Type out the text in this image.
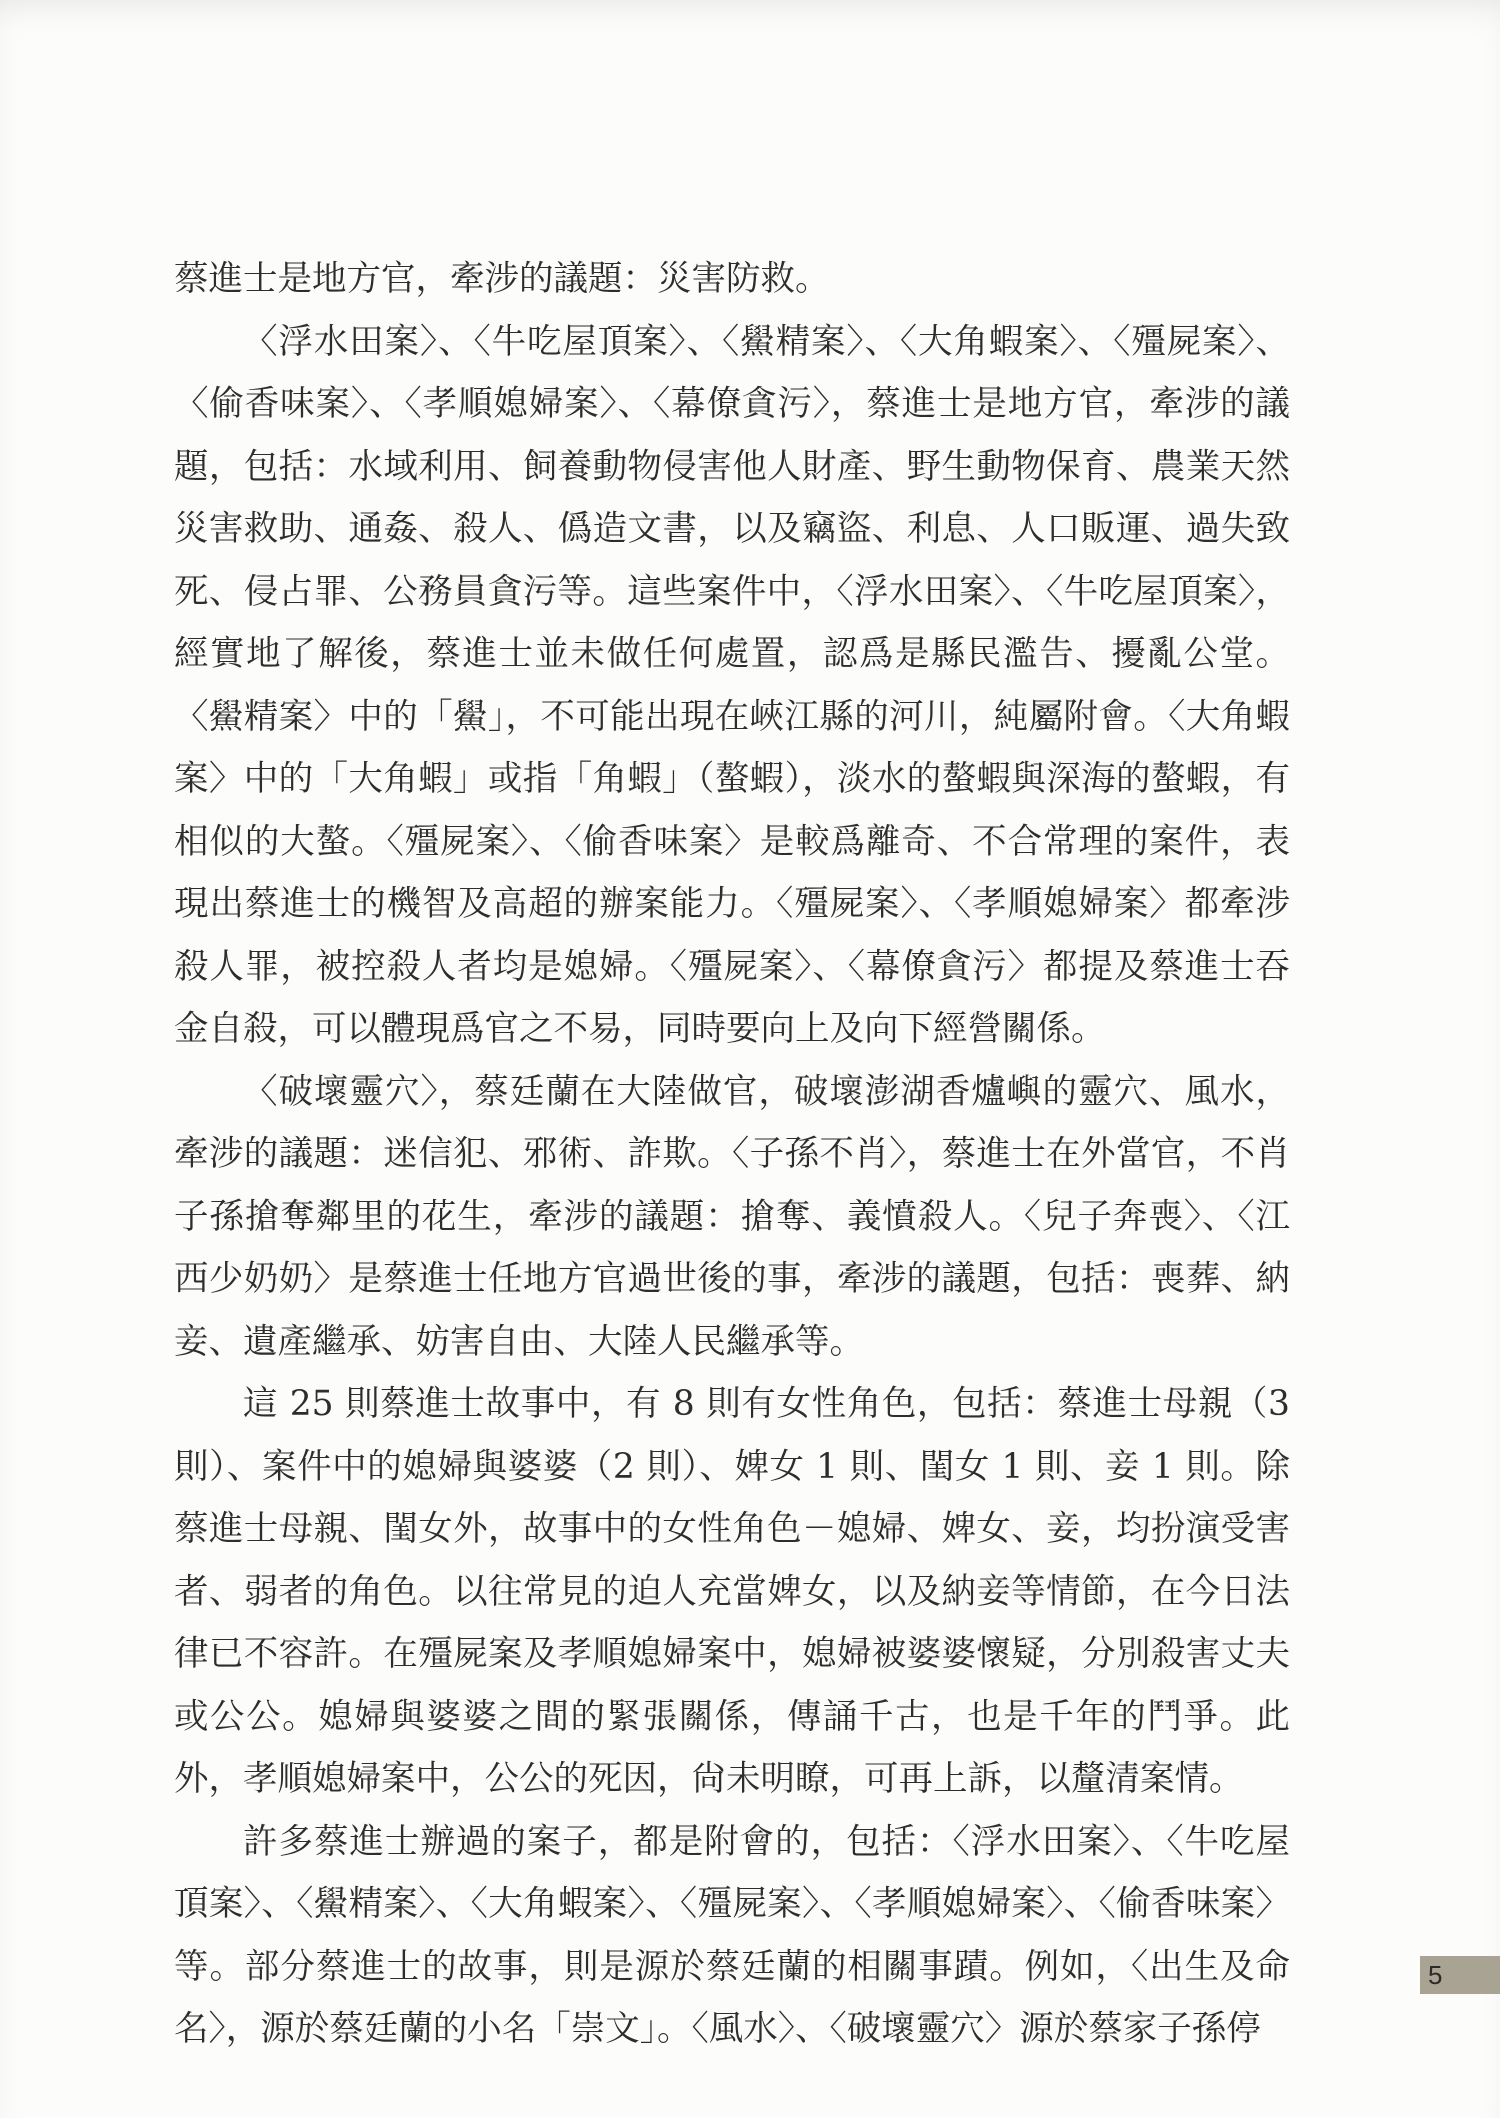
蔡進士是地方官，牽涉的議題：災害防救。

〈浮水田案〉、〈牛吃屋頂案〉、〈鱟精案〉、〈大角蝦案〉、〈殭屍案〉、〈偷香味案〉、〈孝順媳婦案〉、〈幕僚貪污〉，蔡進士是地方官，牽涉的議題，包括：水域利用、飼養動物侵害他人財產、野生動物保育、農業天然災害救助、通姦、殺人、僞造文書，以及竊盜、利息、人口販運、過失致死、侵占罪、公務員貪污等。這些案件中，〈浮水田案〉、〈牛吃屋頂案〉，經實地了解後，蔡進士並未做任何處置，認爲是縣民濫告、擾亂公堂。〈鱟精案〉中的「鱟」，不可能出現在峽江縣的河川，純屬附會。〈大角蝦案〉中的「大角蝦」或指「角蝦」（螯蝦），淡水的螯蝦與深海的螯蝦，有相似的大螯。〈殭屍案〉、〈偷香味案〉是較爲離奇、不合常理的案件，表現出蔡進士的機智及高超的辦案能力。〈殭屍案〉、〈孝順媳婦案〉都牽涉殺人罪，被控殺人者均是媳婦。〈殭屍案〉、〈幕僚貪污〉都提及蔡進士吞金自殺，可以體現爲官之不易，同時要向上及向下經營關係。

〈破壞靈穴〉，蔡廷蘭在大陸做官，破壞澎湖香爐嶼的靈穴、風水，牽涉的議題：迷信犯、邪術、詐欺。〈子孫不肖〉，蔡進士在外當官，不肖子孫搶奪鄰里的花生，牽涉的議題：搶奪、義憤殺人。〈兒子奔喪〉、〈江西少奶奶〉是蔡進士任地方官過世後的事，牽涉的議題，包括：喪葬、納妾、遺產繼承、妨害自由、大陸人民繼承等。

這 25 則蔡進士故事中，有 8 則有女性角色，包括：蔡進士母親（3 則）、案件中的媳婦與婆婆（2 則）、婢女 1 則、閨女 1 則、妾 1 則。除蔡進士母親、閨女外，故事中的女性角色－媳婦、婢女、妾，均扮演受害者、弱者的角色。以往常見的迫人充當婢女，以及納妾等情節，在今日法律已不容許。在殭屍案及孝順媳婦案中，媳婦被婆婆懷疑，分別殺害丈夫或公公。媳婦與婆婆之間的緊張關係，傳誦千古，也是千年的鬥爭。此外，孝順媳婦案中，公公的死因，尙未明瞭，可再上訴，以釐清案情。

許多蔡進士辦過的案子，都是附會的，包括：〈浮水田案〉、〈牛吃屋頂案〉、〈鱟精案〉、〈大角蝦案〉、〈殭屍案〉、〈孝順媳婦案〉、〈偷香味案〉等。部分蔡進士的故事，則是源於蔡廷蘭的相關事蹟。例如，〈出生及命名〉，源於蔡廷蘭的小名「崇文」。〈風水〉、〈破壞靈穴〉源於蔡家子孫停

5
